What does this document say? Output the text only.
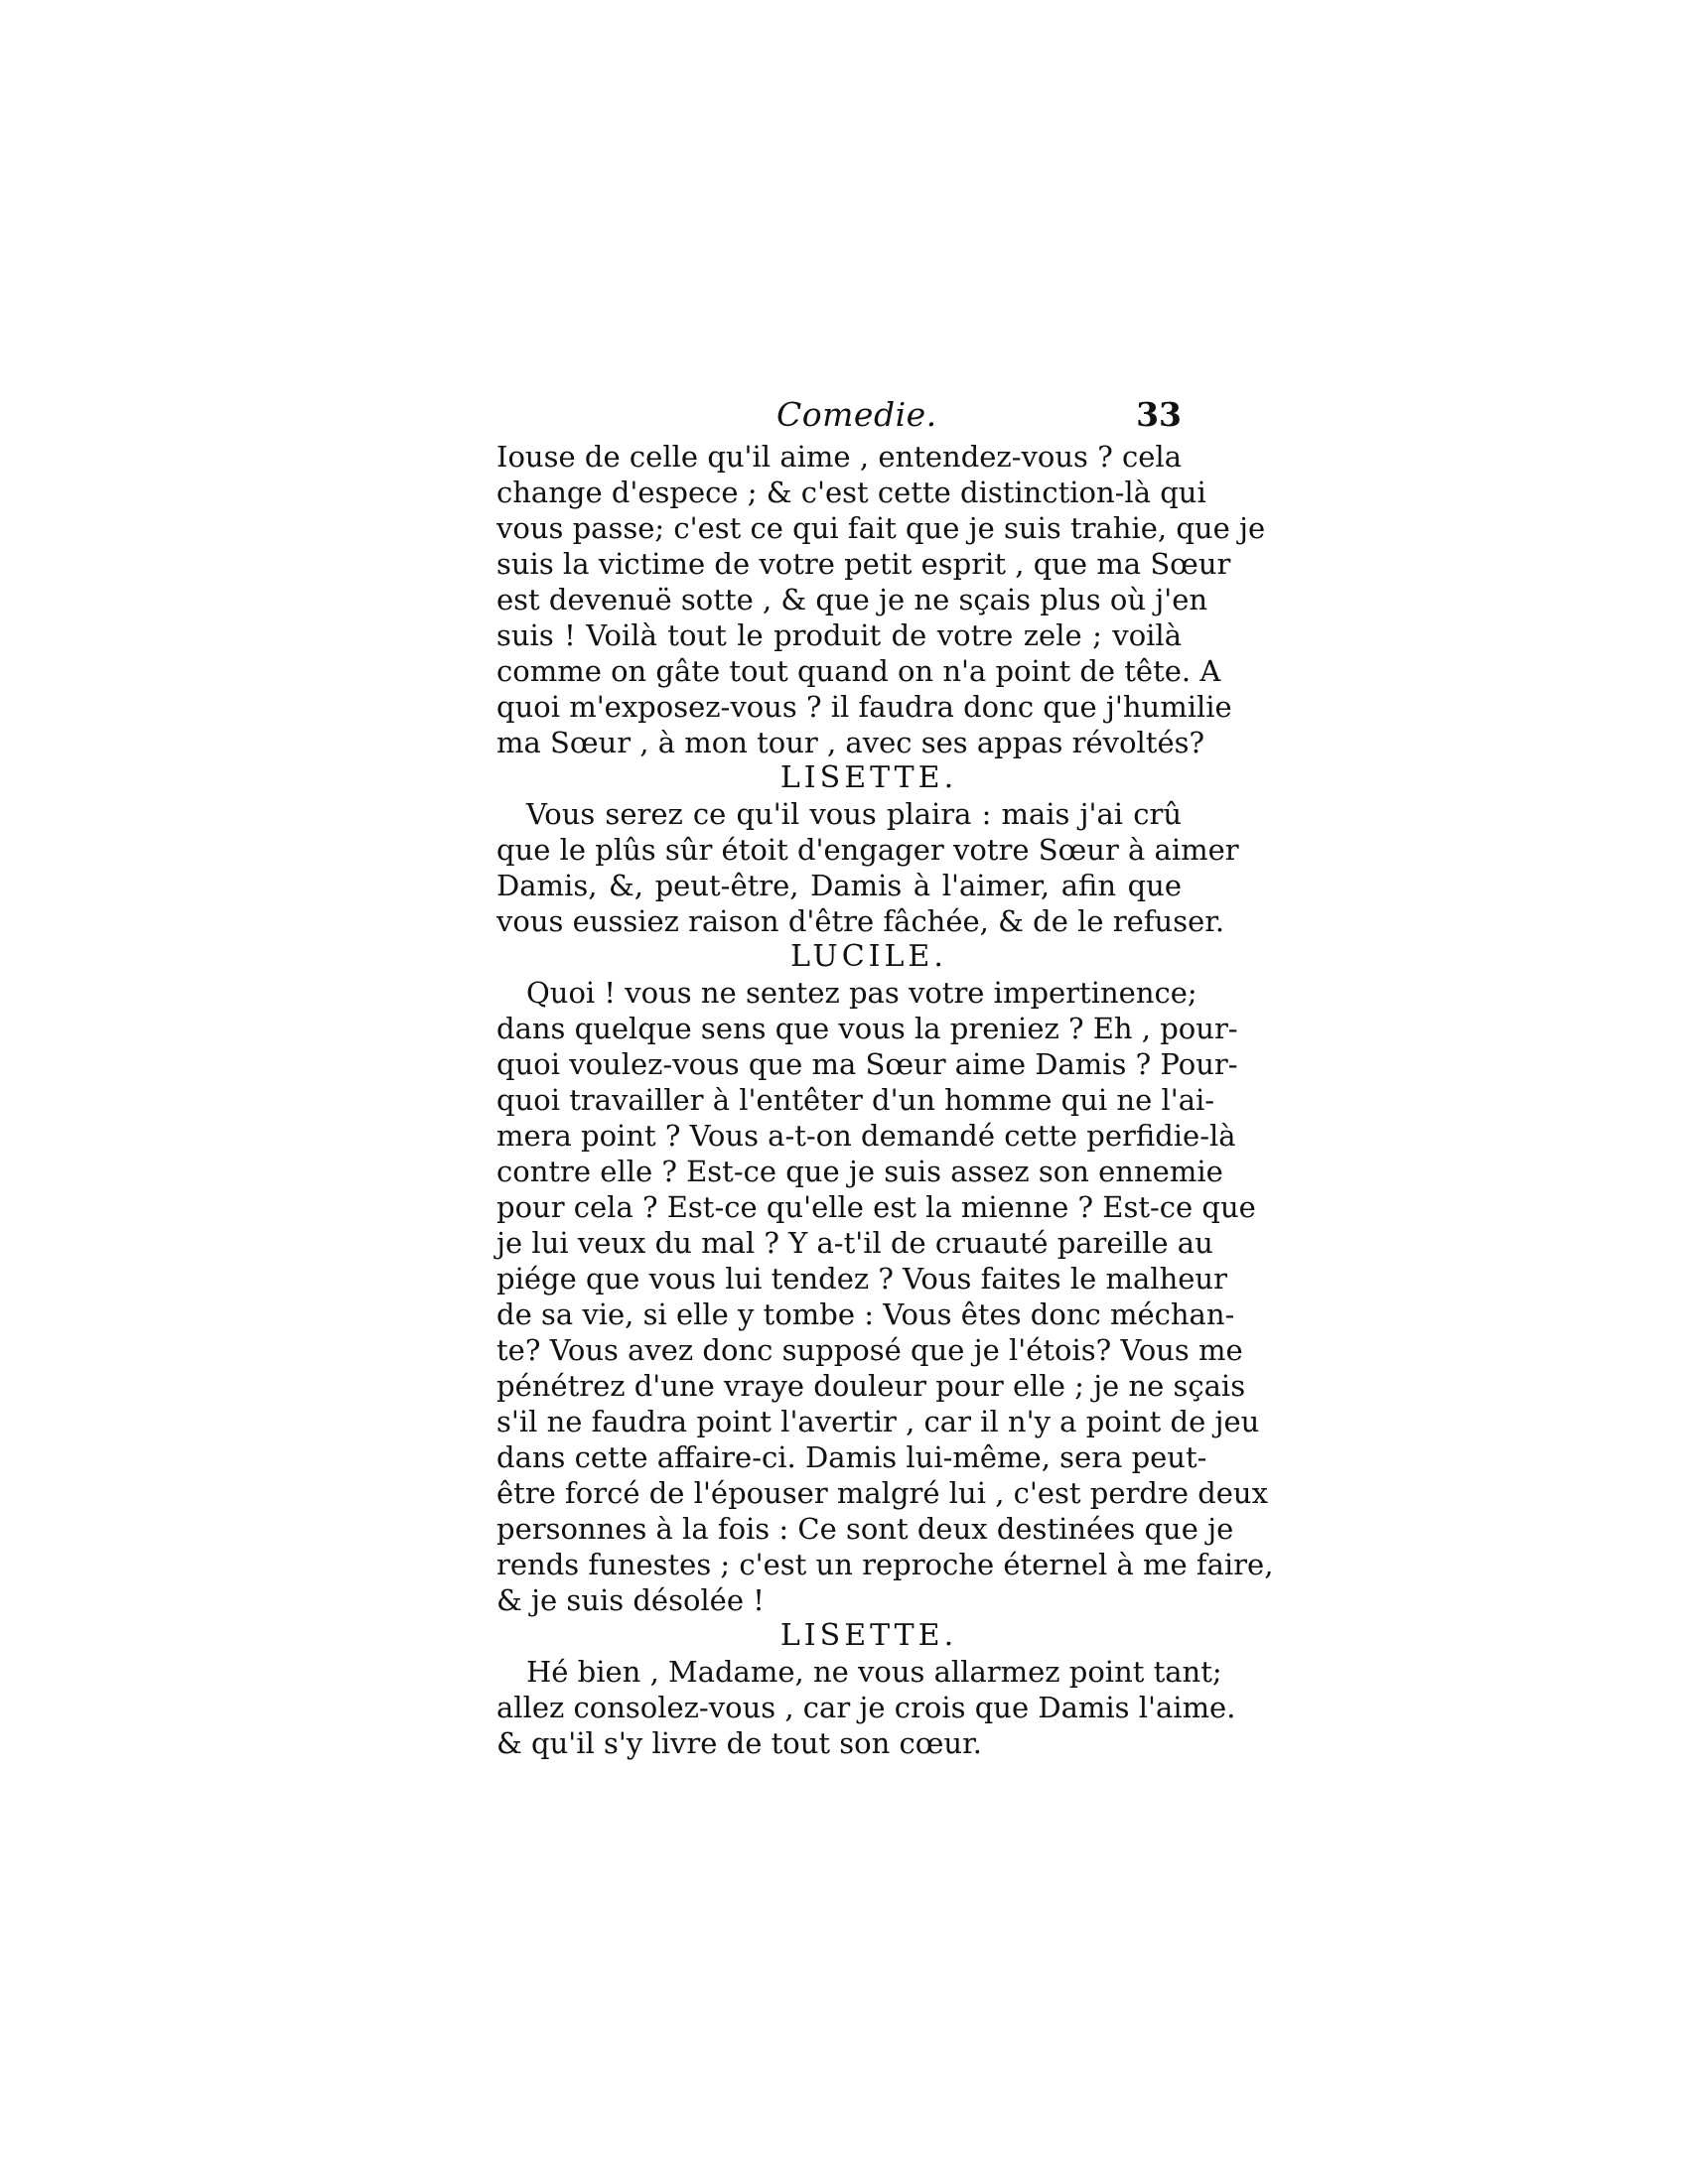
Comedie.	33
Iouse de celle qu'il aime , entendez-vous ? cela
change d'espece ; & c'est cette distinction-là qui
vous passe; c'est ce qui fait que je suis trahie, que je
suis la victime de votre petit esprit , que ma Sœur
est devenuë sotte , & que je ne sçais plus où j'en
suis ! Voilà tout le produit de votre zele ; voilà
comme on gâte tout quand on n'a point de tête. A
quoi m'exposez-vous ? il faudra donc que j'humilie
ma Sœur , à mon tour , avec ses appas révoltés?
LISETTE.
Vous serez ce qu'il vous plaira : mais j'ai crû
que le plûs sûr étoit d'engager votre Sœur à aimer
Damis, &, peut-être, Damis à l'aimer, afin que
vous eussiez raison d'être fâchée, & de le refuser.
LUCILE.
Quoi ! vous ne sentez pas votre impertinence;
dans quelque sens que vous la preniez ? Eh , pour-
quoi voulez-vous que ma Sœur aime Damis ? Pour-
quoi travailler à l'entêter d'un homme qui ne l'ai-
mera point ? Vous a-t-on demandé cette perfidie-là
contre elle ? Est-ce que je suis assez son ennemie
pour cela ? Est-ce qu'elle est la mienne ? Est-ce que
je lui veux du mal ? Y a-t'il de cruauté pareille au
piége que vous lui tendez ? Vous faites le malheur
de sa vie, si elle y tombe : Vous êtes donc méchan-
te? Vous avez donc supposé que je l'étois? Vous me
pénétrez d'une vraye douleur pour elle ; je ne sçais
s'il ne faudra point l'avertir , car il n'y a point de jeu
dans cette affaire-ci. Damis lui-même, sera peut-
être forcé de l'épouser malgré lui , c'est perdre deux
personnes à la fois : Ce sont deux destinées que je
rends funestes ; c'est un reproche éternel à me faire,
& je suis désolée !
LISETTE.
Hé bien , Madame, ne vous allarmez point tant;
allez consolez-vous , car je crois que Damis l'aime.
& qu'il s'y livre de tout son cœur.
